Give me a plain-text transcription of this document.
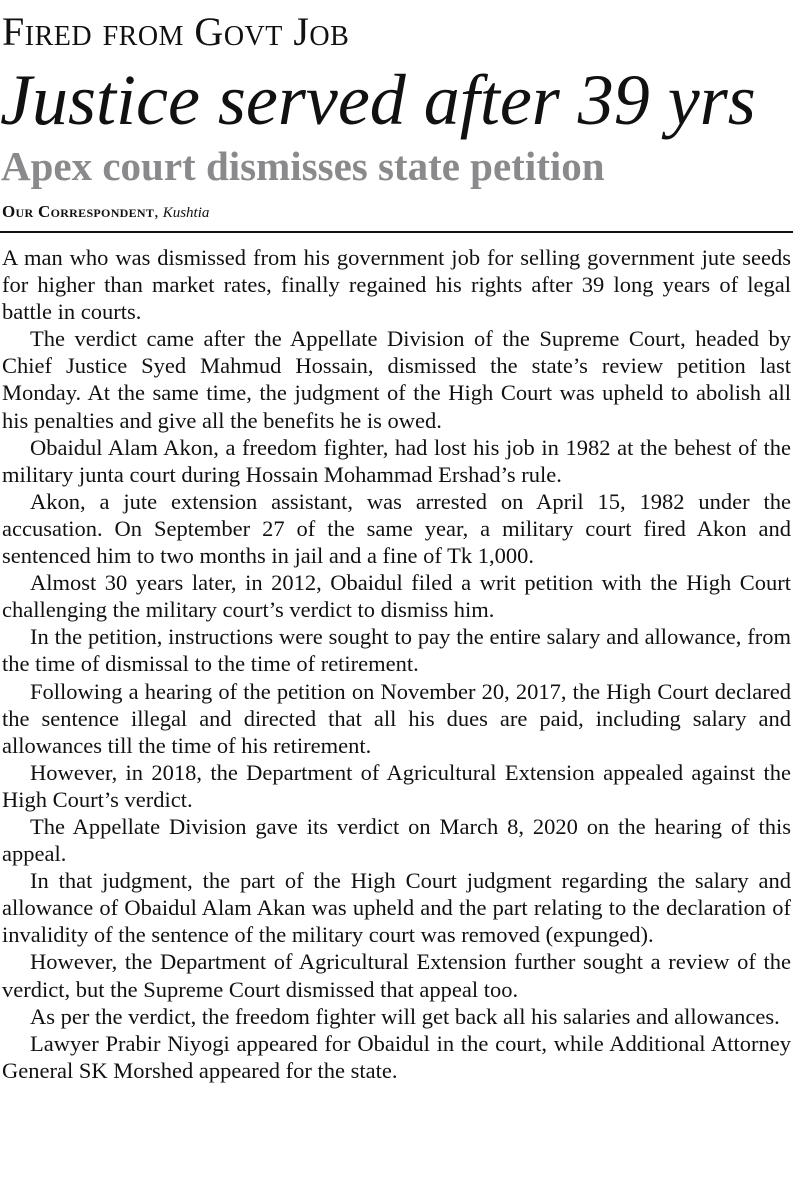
Fired from Govt Job
Justice served after 39 yrs
Apex court dismisses state petition
Our Correspondent, Kushtia

A man who was dismissed from his government job for selling government jute seeds for higher than market rates, finally regained his rights after 39 long years of legal battle in courts.

The verdict came after the Appellate Division of the Supreme Court, headed by Chief Justice Syed Mahmud Hossain, dismissed the state’s review petition last Monday. At the same time, the judgment of the High Court was upheld to abolish all his penalties and give all the benefits he is owed.

Obaidul Alam Akon, a freedom fighter, had lost his job in 1982 at the behest of the military junta court during Hossain Mohammad Ershad’s rule.

Akon, a jute extension assistant, was arrested on April 15, 1982 under the accusation. On September 27 of the same year, a military court fired Akon and sentenced him to two months in jail and a fine of Tk 1,000.

Almost 30 years later, in 2012, Obaidul filed a writ petition with the High Court challenging the military court’s verdict to dismiss him.

In the petition, instructions were sought to pay the entire salary and allowance, from the time of dismissal to the time of retirement.

Following a hearing of the petition on November 20, 2017, the High Court declared the sentence illegal and directed that all his dues are paid, including salary and allowances till the time of his retirement.

However, in 2018, the Department of Agricultural Extension appealed against the High Court’s verdict.

The Appellate Division gave its verdict on March 8, 2020 on the hearing of this appeal.

In that judgment, the part of the High Court judgment regarding the salary and allowance of Obaidul Alam Akan was upheld and the part relating to the declaration of invalidity of the sentence of the military court was removed (expunged).

However, the Department of Agricultural Extension further sought a review of the verdict, but the Supreme Court dismissed that appeal too.

As per the verdict, the freedom fighter will get back all his salaries and allowances.

Lawyer Prabir Niyogi appeared for Obaidul in the court, while Additional Attorney General SK Morshed appeared for the state.
